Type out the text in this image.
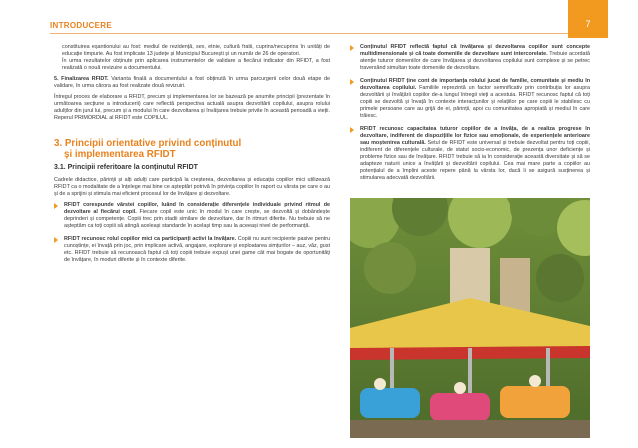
INTRODUCERE	7

constituirea eșantionului au fost: mediul de rezidență, sex, etnie, cultură fratii, cuprins/necuprins în unități de educație timpurie. Au fost implicate 13 județe și Municipiul București și un număr de 26 de operatori.

În urma rezultatelor obținute prin aplicarea instrumentelor de validare a fiecărui indicator din RFIDT, a fost realizată o nouă revizuire a documentului.

5. Finalizarea RFIDT. Varianta finală a documentului a fost obținută în urma parcurgerii celor două etape de validare, în urma cărora au fost realizate două revizuiri.

Întregul proces de elaborare a RFIDT, precum și implementarea lor se bazează pe anumite principii (prezentate în următoarea secțiune a introducerii) care reflectă perspectiva actuală asupra dezvoltării copilului, asupra rolului adulților din jurul lui, precum și a modului în care dezvoltarea și învățarea trebuie privite în această perioadă a vieții. Reperul PRIMORDIAL al RFIDT este COPILUL.

3. Principii orientative privind conținutul
și implementarea RFIDT
3.1. Principii referitoare la conținutul RFIDT

Cadrele didactice, părinții și alți adulți care participă la creșterea, dezvoltarea și educația copiilor mici utilizează RFIDT ca o modalitate de a înțelege mai bine ce așteptări potrivă în privința copiilor în raport cu vârsta pe care o au și de a sprijini și stimula mai eficient procesul lor de învățare și dezvoltare.

RFIDT corespunde vârstei copiilor, luând în considerație diferențele individuale privind ritmul de dezvoltare al fiecărui copil. Fiecare copil este unic în modul în care crește, se dezvoltă și dobândește deprinderi și competențe. Copiii trec prin stadii similare de dezvoltare, dar în ritmuri diferite. Nu trebuie să ne așteptăm ca toți copiii să atingă aceleași standarde în același timp sau la aceeași nivel de performanță.

RFIDT recunosc rolul copiilor mici ca participanți activi la învățare. Copiii nu sunt recipiente pasive pentru cunoștințe, ei învață prin joc, prin implicare activă, angajare, explorare și exploatarea simțurilor – auz, văz, gust etc. RFIDT trebuie să recunoască faptul că toți copiii trebuie expuși unei game cât mai bogate de oportunități de învățare, în moduri diferite și în contexte diferite.

Conținutul RFIDT reflectă faptul că învățarea și dezvoltarea copiilor sunt concepte multidimensionale și că toate domeniile de dezvoltare sunt intercorelate. Trebuie acordată atenție tuturor domeniilor de care învățarea și dezvoltarea copilului sunt complexe și se petrec traversând simultan toate domeniile de dezvoltare.

Conținutul RFIDT ține cont de importanța rolului jucat de familie, comunitate și mediu în dezvoltarea copilului. Familiile reprezintă un factor semnificativ prin contribuția lor asupra dezvoltării și învățării copiilor de-a lungul întregii vieți a acestuia. RFIDT recunosc faptul că toți copiii se dezvoltă și învață în contexte interacțunilor și relațiilor pe care copiii le stabilesc cu primele persoane care au grijă de ei, părinții, apoi cu comunitatea apropiată și mediul în care trăiesc.

RFIDT recunosc capacitatea tuturor copiilor de a învăța, de a realiza progrese în dezvoltare, indiferent de dispozițiile lor fizice sau emoționale, de experiențele anterioare sau moștenirea culturală. Setul de RFIDT este universal și trebuie dezvoltat pentru toți copiii, indiferent de diferențele culturale, de statut socio-economic, de prezența unor deficiențe și probleme fizice sau de învățare. RFIDT trebuie să ia în considerație această diversitate și să se adapteze naturii unice a învățării și dezvoltării copilului. Cea mai mare parte a copiilor au potențialul de a împlini aceste repere până la vârsta lor, dacă li se asigură susținerea și stimularea adecvată dezvoltării.
